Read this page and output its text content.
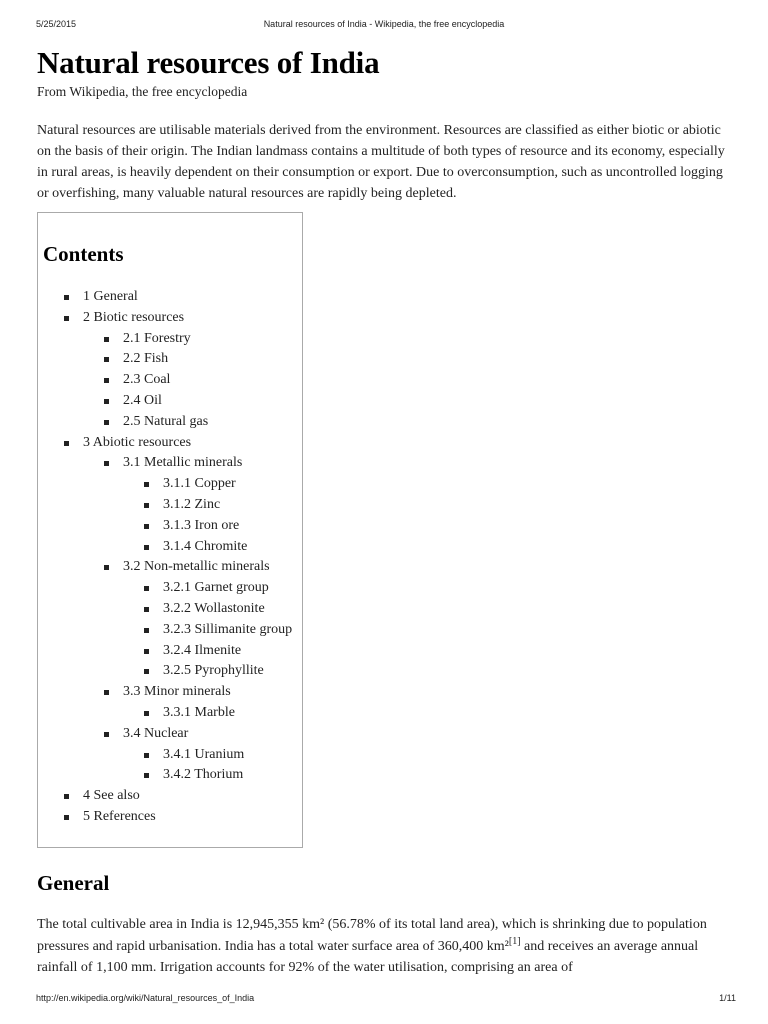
5/25/2015	Natural resources of India - Wikipedia, the free encyclopedia
Natural resources of India
From Wikipedia, the free encyclopedia

Natural resources are utilisable materials derived from the environment. Resources are classified as either biotic or abiotic on the basis of their origin. The Indian landmass contains a multitude of both types of resource and its economy, especially in rural areas, is heavily dependent on their consumption or export. Due to overconsumption, such as uncontrolled logging or overfishing, many valuable natural resources are rapidly being depleted.

Contents
1 General
2 Biotic resources
2.1 Forestry
2.2 Fish
2.3 Coal
2.4 Oil
2.5 Natural gas
3 Abiotic resources
3.1 Metallic minerals
3.1.1 Copper
3.1.2 Zinc
3.1.3 Iron ore
3.1.4 Chromite
3.2 Non-metallic minerals
3.2.1 Garnet group
3.2.2 Wollastonite
3.2.3 Sillimanite group
3.2.4 Ilmenite
3.2.5 Pyrophyllite
3.3 Minor minerals
3.3.1 Marble
3.4 Nuclear
3.4.1 Uranium
3.4.2 Thorium
4 See also
5 References
General

The total cultivable area in India is 12,945,355 km² (56.78% of its total land area), which is shrinking due to population pressures and rapid urbanisation. India has a total water surface area of 360,400 km²[1] and receives an average annual rainfall of 1,100 mm. Irrigation accounts for 92% of the water utilisation, comprising an area of

http://en.wikipedia.org/wiki/Natural_resources_of_India	1/11
